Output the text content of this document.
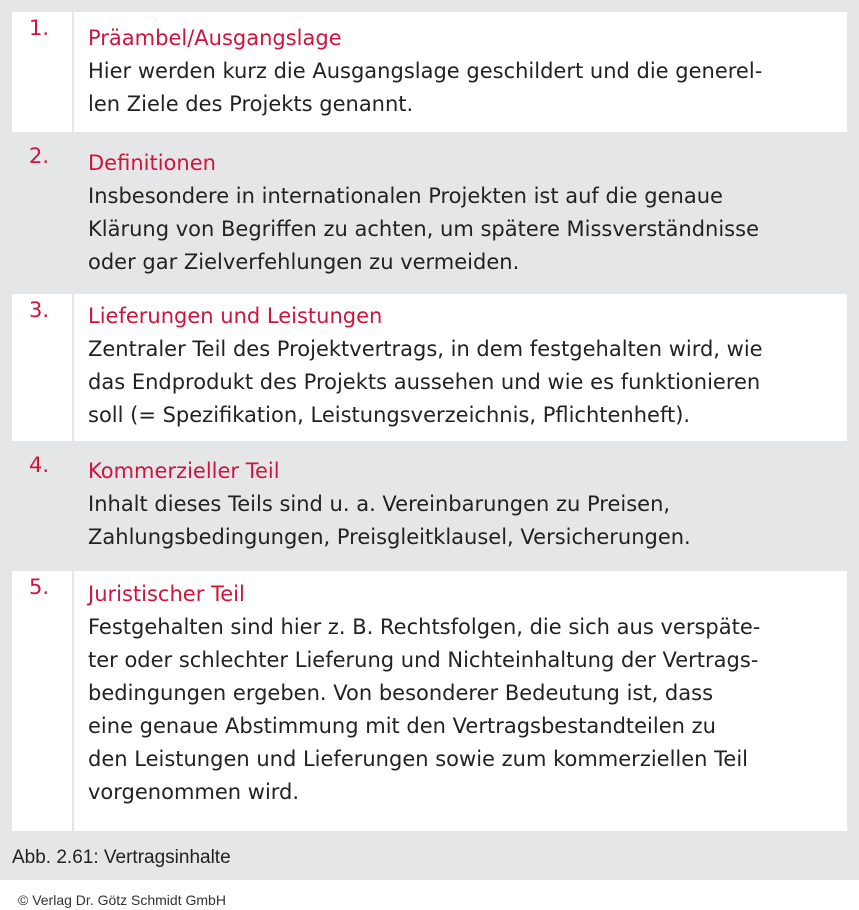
1. Präambel/Ausgangslage
Hier werden kurz die Ausgangslage geschildert und die generel-
len Ziele des Projekts genannt.
2. Definitionen
Insbesondere in internationalen Projekten ist auf die genaue
Klärung von Begriffen zu achten, um spätere Missverständnisse
oder gar Zielverfehlungen zu vermeiden.
3. Lieferungen und Leistungen
Zentraler Teil des Projektvertrags, in dem festgehalten wird, wie
das Endprodukt des Projekts aussehen und wie es funktionieren
soll (= Spezifikation, Leistungsverzeichnis, Pflichtenheft).
4. Kommerzieller Teil
Inhalt dieses Teils sind u. a. Vereinbarungen zu Preisen,
Zahlungsbedingungen, Preisgleitklausel, Versicherungen.
5. Juristischer Teil
Festgehalten sind hier z. B. Rechtsfolgen, die sich aus verspäte-
ter oder schlechter Lieferung und Nichteinhaltung der Vertrags-
bedingungen ergeben. Von besonderer Bedeutung ist, dass
eine genaue Abstimmung mit den Vertragsbestandteilen zu
den Leistungen und Lieferungen sowie zum kommerziellen Teil
vorgenommen wird.
Abb. 2.61: Vertragsinhalte
© Verlag Dr. Götz Schmidt GmbH
